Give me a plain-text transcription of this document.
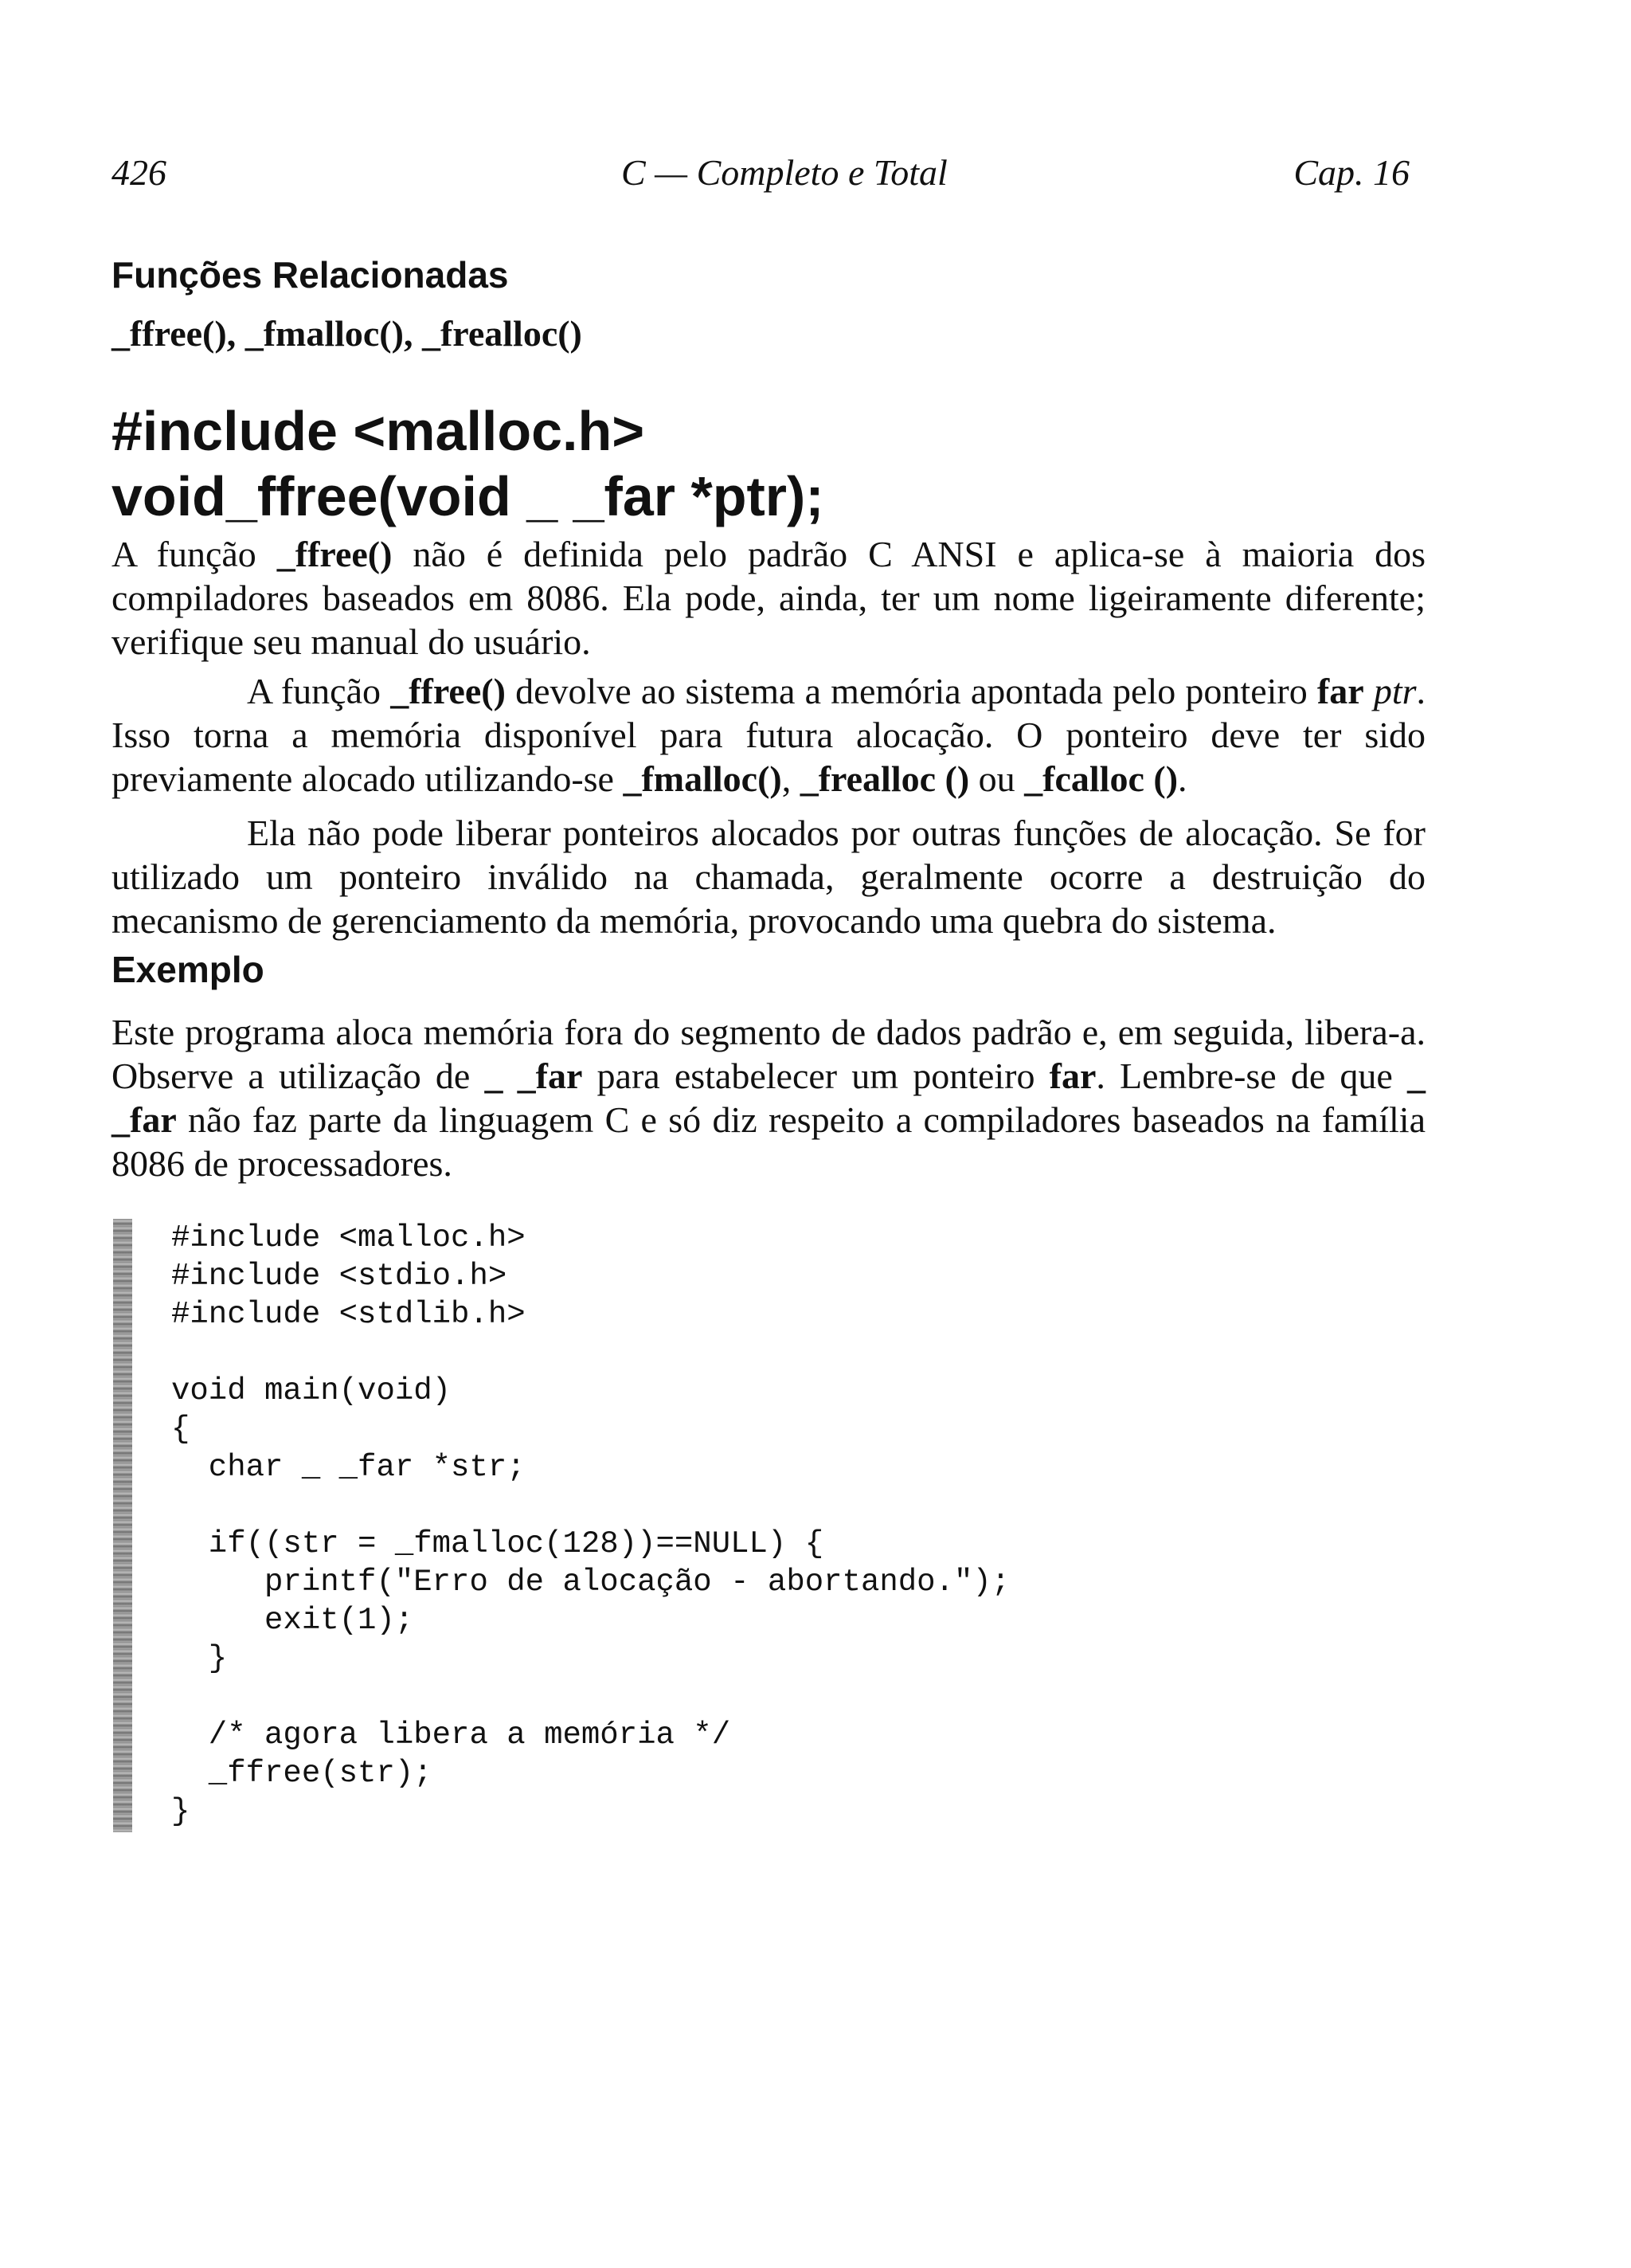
426	C — Completo e Total	Cap. 16
Funções Relacionadas

_ffree(), _fmalloc(), _frealloc()

#include <malloc.h>
void_ffree(void _ _far *ptr);

A função _ffree() não é definida pelo padrão C ANSI e aplica-se à maioria dos compiladores baseados em 8086. Ela pode, ainda, ter um nome ligeiramente diferente; verifique seu manual do usuário.

A função _ffree() devolve ao sistema a memória apontada pelo ponteiro far ptr. Isso torna a memória disponível para futura alocação. O ponteiro deve ter sido previamente alocado utilizando-se _fmalloc(), _frealloc () ou _fcalloc ().

Ela não pode liberar ponteiros alocados por outras funções de alocação. Se for utilizado um ponteiro inválido na chamada, geralmente ocorre a destruição do mecanismo de gerenciamento da memória, provocando uma quebra do sistema.

Exemplo

Este programa aloca memória fora do segmento de dados padrão e, em seguida, libera-a. Observe a utilização de _ _far para estabelecer um ponteiro far. Lembre-se de que _ _far não faz parte da linguagem C e só diz respeito a compiladores baseados na família 8086 de processadores.

#include <malloc.h>
#include <stdio.h>
#include <stdlib.h>

void main(void)
{
char _ _far *str;

if((str = _fmalloc(128))==NULL) {
printf("Erro de alocação - abortando.");
exit(1);
}

/* agora libera a memória */
_ffree(str);
}
